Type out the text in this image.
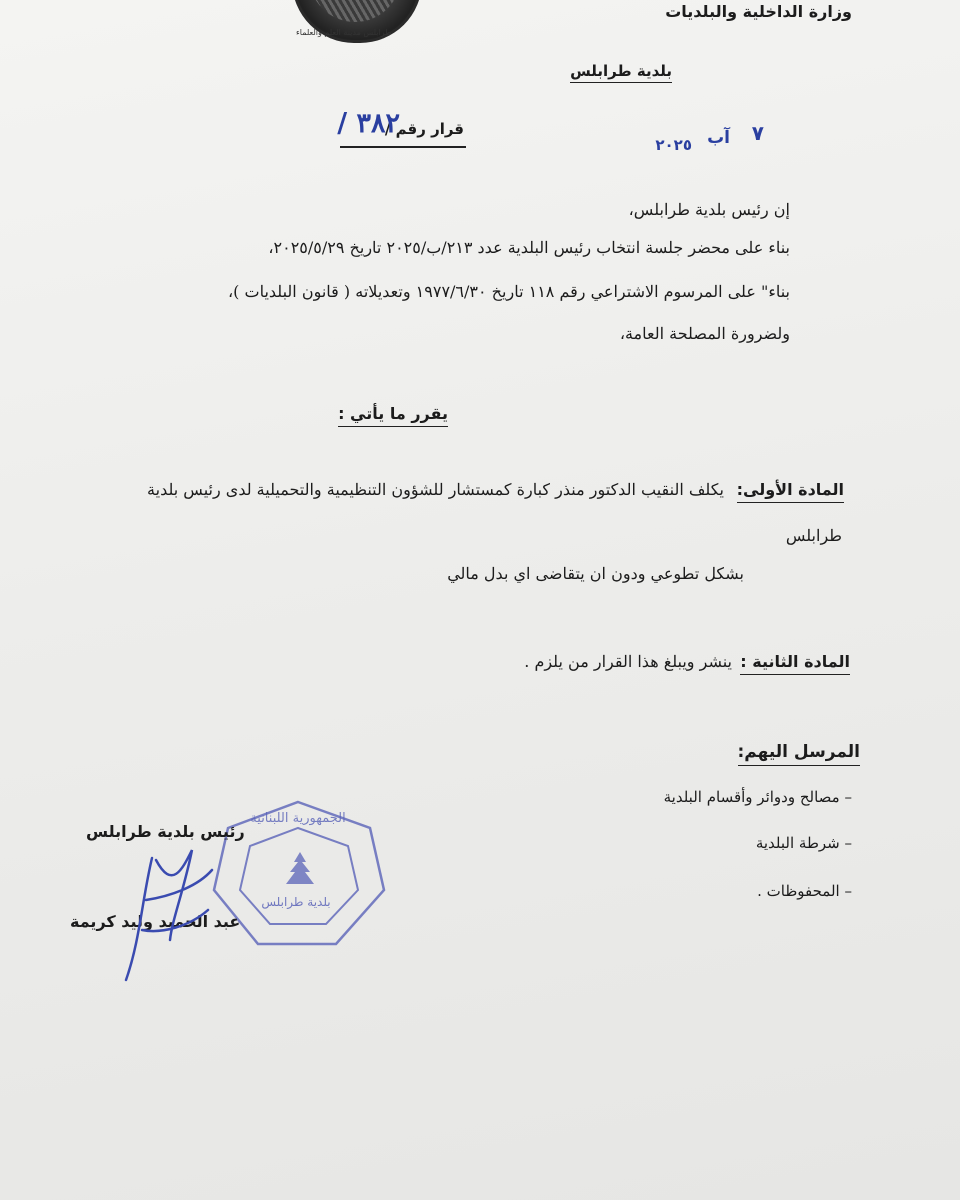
طرابلس مدينة العلم والعلماء
وزارة الداخلية والبلديات
بلدية طرابلس
قرار رقم /
٣٨٢ /	٧
آب
٢٠٢٥
إن رئيس بلدية طرابلس،
بناء على محضر جلسة انتخاب رئيس البلدية عدد ٢١٣/ب/٢٠٢٥ تاريخ ٢٠٢٥/٥/٢٩،
بناء" على المرسوم الاشتراعي رقم ١١٨ تاريخ ١٩٧٧/٦/٣٠ وتعديلاته ( قانون البلديات )،
ولضرورة المصلحة العامة،
يقرر ما يأتي :
المادة الأولى:
يكلف النقيب الدكتور منذر كبارة كمستشار للشؤون التنظيمية والتحميلية لدى رئيس بلدية
طرابلس
بشكل تطوعي ودون ان يتقاضى اي بدل مالي
المادة الثانية :
ينشر ويبلغ هذا القرار من يلزم .
المرسل اليهم:
– مصالح ودوائر وأقسام البلدية
– شرطة البلدية
– المحفوظات .
الجمهورية اللبنانية
بلدية طرابلس
رئيس بلدية طرابلس
عبد الحميد وليد كريمة
